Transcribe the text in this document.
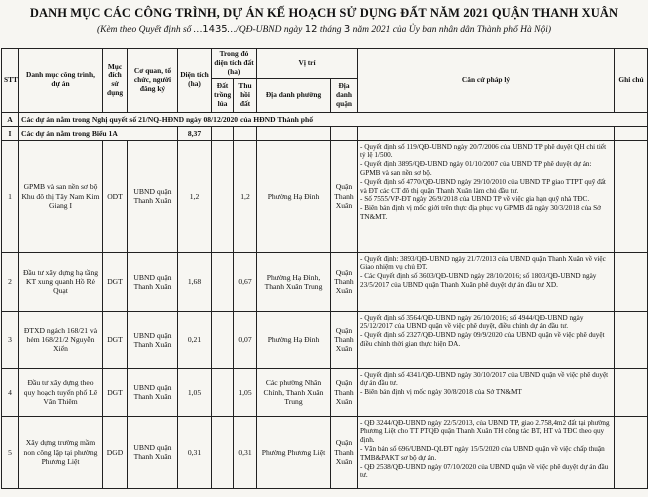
DANH MỤC CÁC CÔNG TRÌNH, DỰ ÁN KẾ HOẠCH SỬ DỤNG ĐẤT NĂM 2021 QUẬN THANH XUÂN
(Kèm theo Quyết định số …1435…/QĐ-UBND ngày 12 tháng 3 năm 2021 của Ủy ban nhân dân Thành phố Hà Nội)
STT	Danh mục công trình, dự án	Mục đích sử dụng	Cơ quan, tổ chức, người đăng ký	Diện tích (ha)	Trong đó diện tích đất (ha)		Vị trí		Căn cứ pháp lý	Ghi chú
					Đất trồng lúa	Thu hồi đất	Địa danh phường	Địa danh quận		
A	Các dự án nằm trong Nghị quyết số 21/NQ-HĐND ngày 08/12/2020 của HĐND Thành phố									
I	Các dự án nằm trong Biểu 1A			8,37						
1	GPMB và san nền sơ bộ Khu đô thị Tây Nam Kim Giang I	ODT	UBND quận Thanh Xuân	1,2		1,2	Phường Hạ Đình	Quận Thanh Xuân	- Quyết định số 119/QĐ-UBND ngày 20/7/2006 của UBND TP phê duyệt QH chi tiết tỷ lệ 1/500.
- Quyết định 3895/QĐ-UBND ngày 01/10/2007 của UBND TP phê duyệt dự án: GPMB và san nền sơ bộ.
- Quyết định số 4770/QĐ-UBND ngày 29/10/2010 của UBND TP giao TTPT quỹ đất và ĐT các CT đô thị quận Thanh Xuân làm chủ đầu tư.
- Số 7555/VP-ĐT ngày 26/9/2018 của UBND TP về việc gia hạn quỹ nhà TĐC.
- Biên bản định vị mốc giới trên thực địa phục vụ GPMB đã ngày 30/3/2018 của Sở TN&MT.	

2	Đầu tư xây dựng hạ tầng KT xung quanh Hồ Rẻ Quạt	DGT	UBND quận Thanh Xuân	1,68		0,67	Phường Hạ Đình, Thanh Xuân Trung	Quận Thanh Xuân	- Quyết định: 3893/QĐ-UBND ngày 21/7/2013 của UBND quận Thanh Xuân về việc Giao nhiệm vụ chủ ĐT.
- Các Quyết định số 3603/QĐ-UBND ngày 28/10/2016; số 1803/QĐ-UBND ngày 23/5/2017 của UBND quận Thanh Xuân phê duyệt dự án đầu tư XD.	

3	ĐTXD ngách 168/21 và hẻm 168/21/2 Nguyễn Xiển	DGT	UBND quận Thanh Xuân	0,21		0,07	Phường Hạ Đình	Quận Thanh Xuân	- Quyết định số 3564/QĐ-UBND ngày 26/10/2016; số 4944/QĐ-UBND ngày 25/12/2017 của UBND quận về việc phê duyệt, điều chỉnh dự án đầu tư.
- Quyết định số 2327/QĐ-UBND ngày 09/9/2020 của UBND quận về việc phê duyệt điều chỉnh thời gian thực hiện DA.	

4	Đầu tư xây dựng theo quy hoạch tuyến phố Lê Văn Thiêm	DGT	UBND quận Thanh Xuân	1,05		1,05	Các phường Nhân Chính, Thanh Xuân Trung	Quận Thanh Xuân	- Quyết định số 4341/QĐ-UBND ngày 30/10/2017 của UBND quận về việc phê duyệt dự án đầu tư.
- Biên bản định vị mốc ngày 30/8/2018 của Sở TN&MT	

5	Xây dựng trường mầm non công lập tại phường Phương Liệt	DGD	UBND quận Thanh Xuân	0,31		0,31	Phường Phương Liệt	Quận Thanh Xuân	- QĐ 3244/QĐ-UBND ngày 22/5/2013, của UBND TP, giao 2.758,4m2 đất tại phường Phương Liệt cho TT PTQĐ quận Thanh Xuân TH công tác BT, HT và TĐC theo quy định.
- Văn bản số 696/UBND-QLĐT ngày 15/5/2020 của UBND quận về việc chấp thuận TMB&PAKT sơ bộ dự án.
- QĐ 2538/QĐ-UBND ngày 07/10/2020 của UBND quận về việc phê duyệt dự án đầu tư.	
